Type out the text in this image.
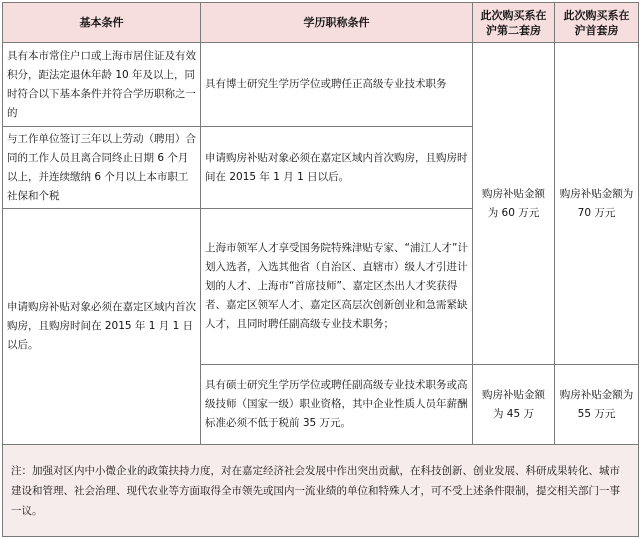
基本条件	学历职称条件	此次购买系在沪第二套房	此次购买系在沪首套房
具有本市常住户口或上海市居住证及有效积分，距法定退休年龄 10 年及以上，同时符合以下基本条件并符合学历职称之一的	具有博士研究生学历学位或聘任正高级专业技术职务	购房补贴金额为 60 万元	购房补贴金额为 70 万元
与工作单位签订三年以上劳动（聘用）合同的工作人员且离合同终止日期 6 个月以上，并连续缴纳 6 个月以上本市职工社保和个税	申请购房补贴对象必须在嘉定区域内首次购房，且购房时间在 2015 年 1 月 1 日以后。		
申请购房补贴对象必须在嘉定区域内首次购房，且购房时间在 2015 年 1 月 1 日以后。	上海市领军人才享受国务院特殊津贴专家、“浦江人才”计划入选者，入选其他省（自治区、直辖市）级人才引进计划的人才、上海市“首席技师”、嘉定区杰出人才奖获得者、嘉定区领军人才、嘉定区高层次创新创业和急需紧缺人才，且同时聘任副高级专业技术职务；		
	具有硕士研究生学历学位或聘任副高级专业技术职务或高级技师（国家一级）职业资格，其中企业性质人员年薪酬标准必须不低于税前 35 万元。	购房补贴金额为 45 万	购房补贴金额为 55 万元
注：加强对区内中小微企业的政策扶持力度，对在嘉定经济社会发展中作出突出贡献，在科技创新、创业发展、科研成果转化、城市建设和管理、社会治理、现代农业等方面取得全市领先或国内一流业绩的单位和特殊人才，可不受上述条件限制，提交相关部门一事一议。			
